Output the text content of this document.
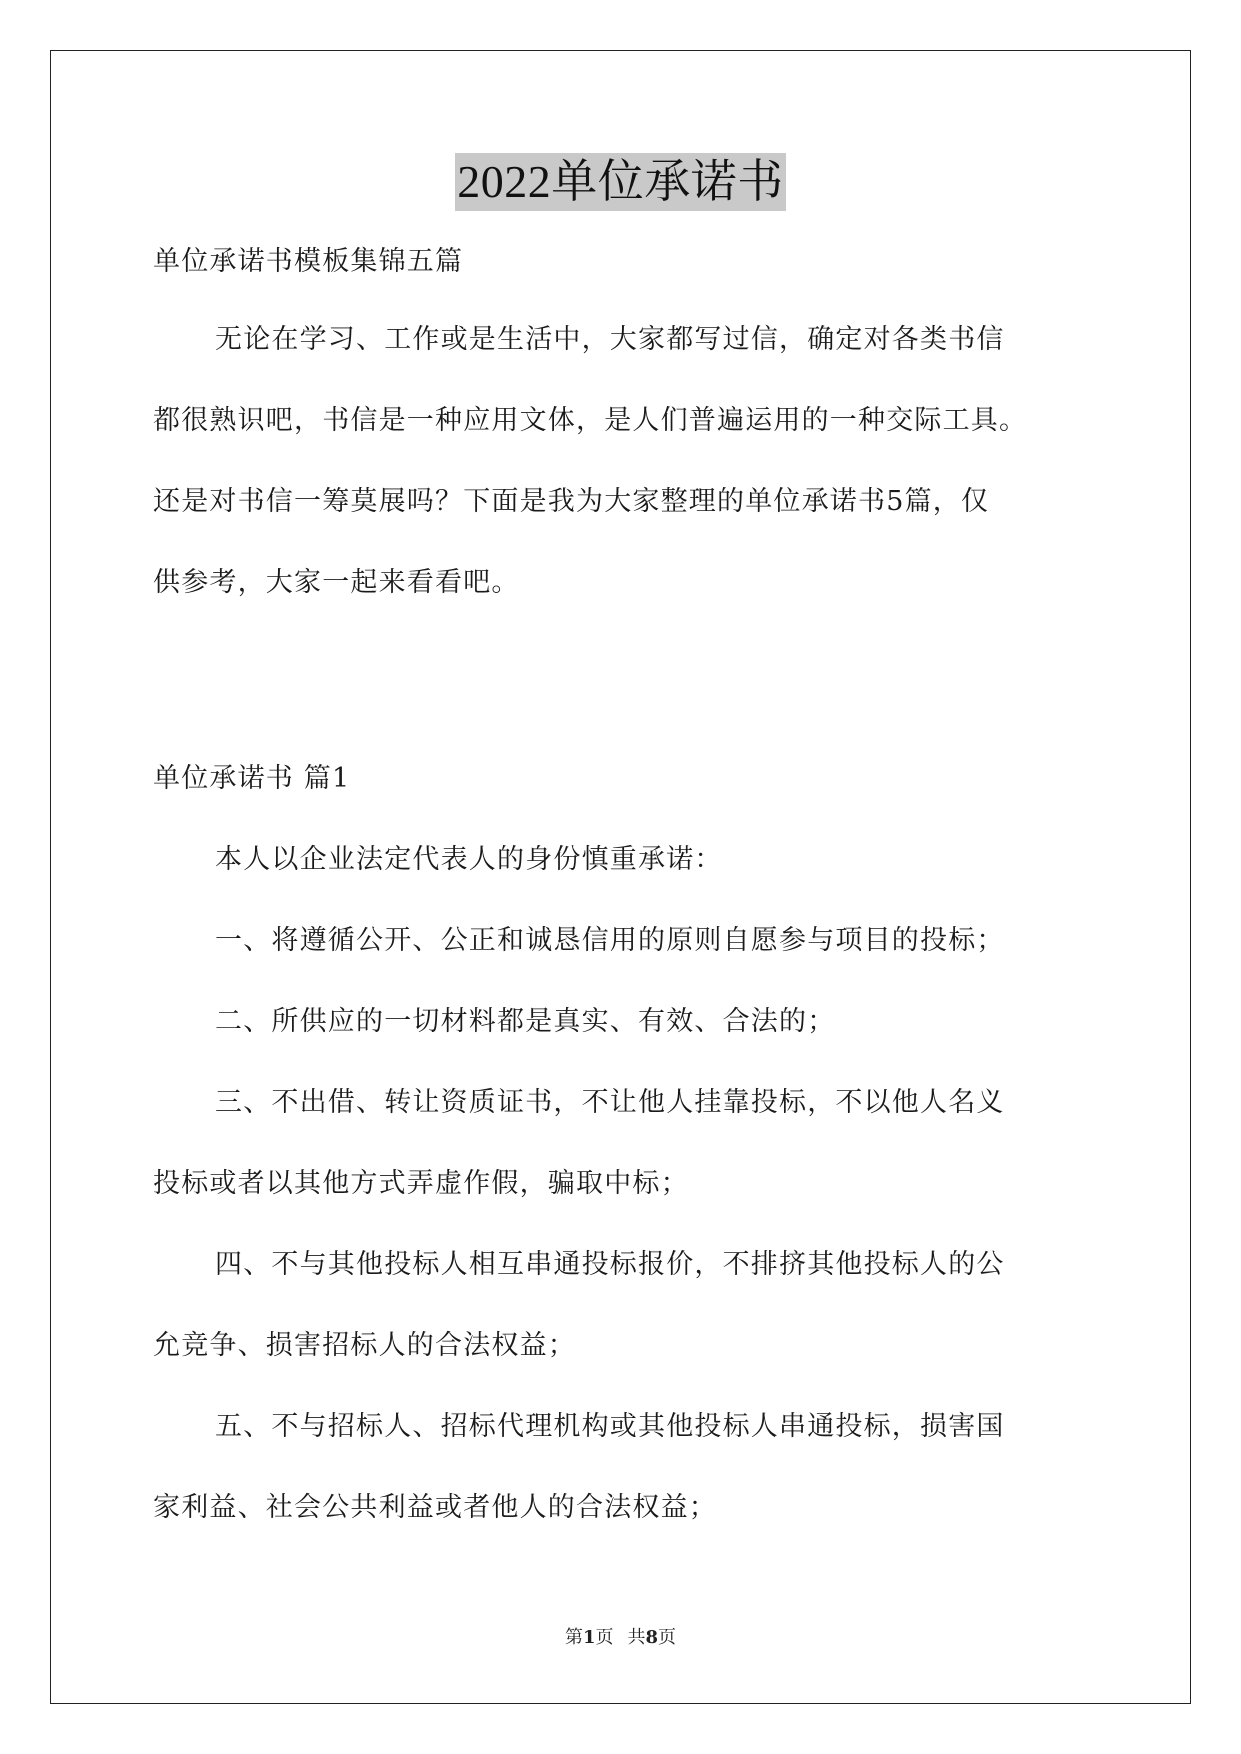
2022单位承诺书
单位承诺书模板集锦五篇
无论在学习、工作或是生活中，大家都写过信，确定对各类书信
都很熟识吧，书信是一种应用文体，是人们普遍运用的一种交际工具。
还是对书信一筹莫展吗？下面是我为大家整理的单位承诺书5篇，仅
供参考，大家一起来看看吧。
单位承诺书 篇1
本人以企业法定代表人的身份慎重承诺：
一、将遵循公开、公正和诚恳信用的原则自愿参与项目的投标；
二、所供应的一切材料都是真实、有效、合法的；
三、不出借、转让资质证书，不让他人挂靠投标，不以他人名义
投标或者以其他方式弄虚作假，骗取中标；
四、不与其他投标人相互串通投标报价，不排挤其他投标人的公
允竞争、损害招标人的合法权益；
五、不与招标人、招标代理机构或其他投标人串通投标，损害国
家利益、社会公共利益或者他人的合法权益；
第1页 共8页
